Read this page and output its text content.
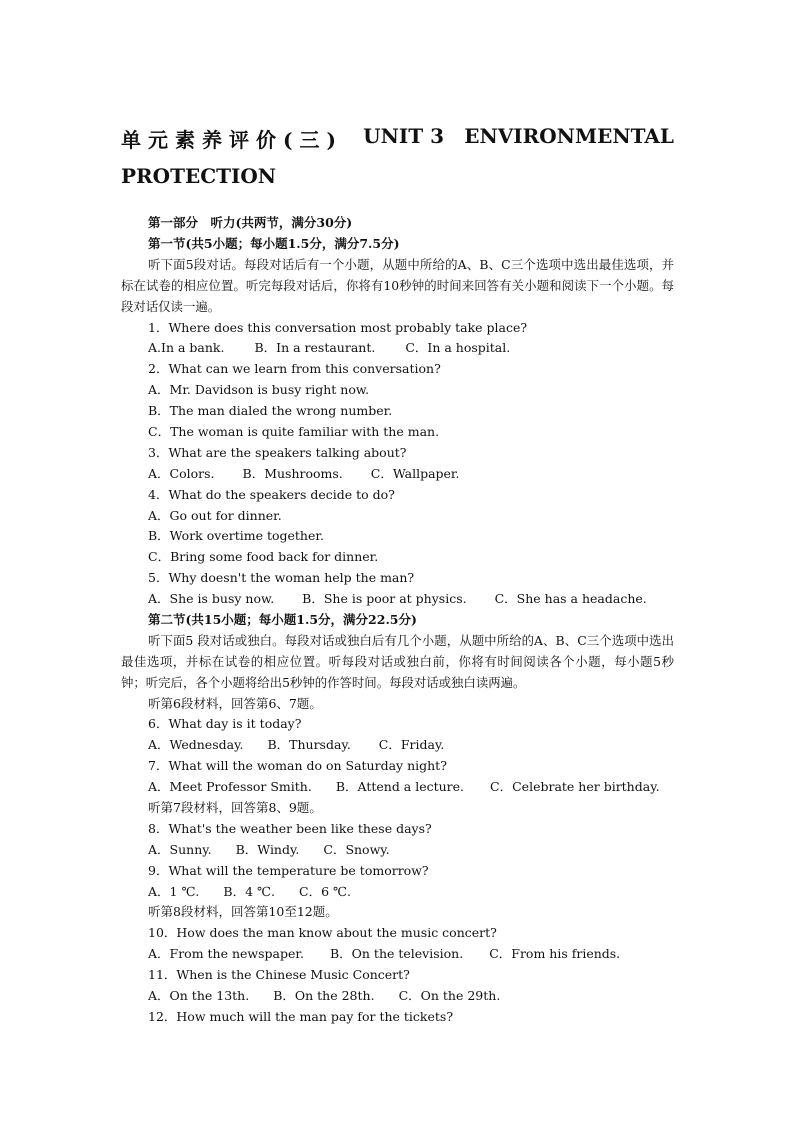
单元素养评价(三) UNIT 3 ENVIRONMENTAL
PROTECTION
第一部分　听力(共两节，满分30分)
第一节(共5小题；每小题1.5分，满分7.5分)

听下面5段对话。每段对话后有一个小题，从题中所给的A、B、C三个选项中选出最佳选项，并标在试卷的相应位置。听完每段对话后，你将有10秒钟的时间来回答有关小题和阅读下一个小题。每段对话仅读一遍。

1．Where does this conversation most probably take place?
A.In a bank. B．In a restaurant. C．In a hospital.
2．What can we learn from this conversation?
A．Mr. Davidson is busy right now.
B．The man dialed the wrong number.
C．The woman is quite familiar with the man.
3．What are the speakers talking about?
A．Colors. B．Mushrooms. C．Wallpaper.
4．What do the speakers decide to do?
A．Go out for dinner.
B．Work overtime together.
C．Bring some food back for dinner.
5．Why doesn't the woman help the man?
A．She is busy now. B．She is poor at physics. C．She has a headache.
第二节(共15小题；每小题1.5分，满分22.5分)

听下面5 段对话或独白。每段对话或独白后有几个小题，从题中所给的A、B、C三个选项中选出最佳选项，并标在试卷的相应位置。听每段对话或独白前，你将有时间阅读各个小题，每小题5秒钟；听完后，各个小题将给出5秒钟的作答时间。每段对话或独白读两遍。

听第6段材料，回答第6、7题。
6．What day is it today?
A．Wednesday. B．Thursday. C．Friday.
7．What will the woman do on Saturday night?
A．Meet Professor Smith. B．Attend a lecture. C．Celebrate her birthday.
听第7段材料，回答第8、9题。
8．What's the weather been like these days?
A．Sunny. B．Windy. C．Snowy.
9．What will the temperature be tomorrow?
A．1 ℃. B．4 ℃. C．6 ℃.
听第8段材料，回答第10至12题。
10．How does the man know about the music concert?
A．From the newspaper. B．On the television. C．From his friends.
11．When is the Chinese Music Concert?
A．On the 13th. B．On the 28th. C．On the 29th.
12．How much will the man pay for the tickets?
